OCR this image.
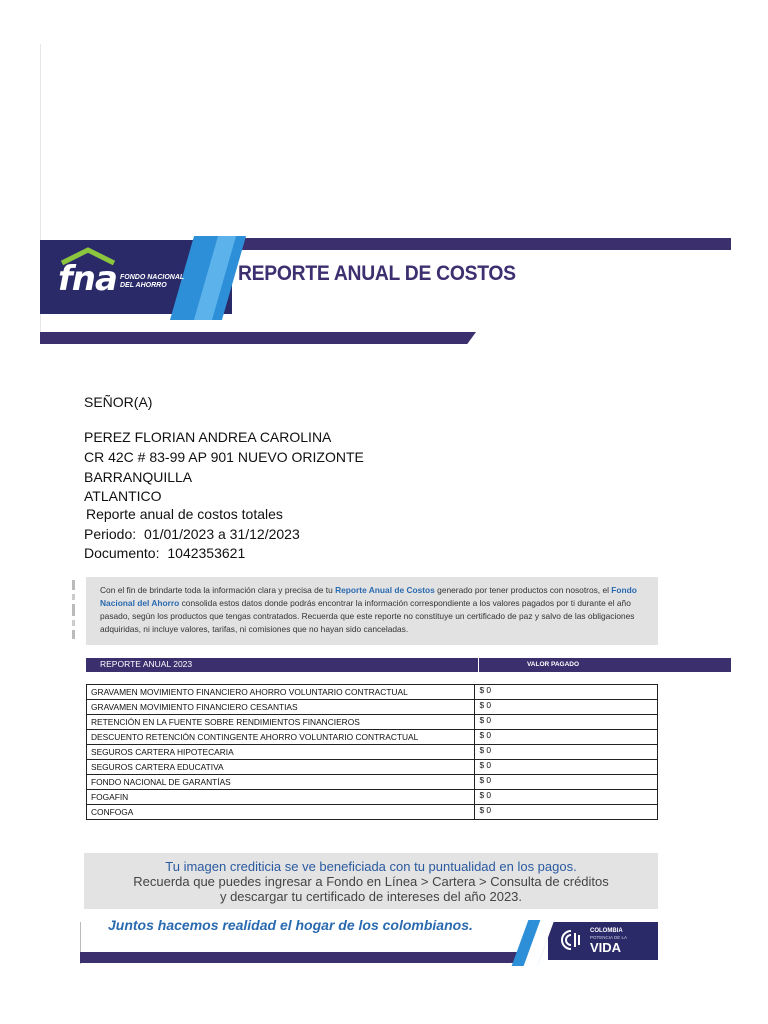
fna FONDO NACIONAL DEL AHORRO
REPORTE ANUAL DE COSTOS
SEÑOR(A)
PEREZ FLORIAN ANDREA CAROLINA
CR 42C # 83-99 AP 901 NUEVO ORIZONTE
BARRANQUILLA
ATLANTICO
Reporte anual de costos totales
Periodo: 01/01/2023 a 31/12/2023
Documento: 1042353621
Con el fin de brindarte toda la información clara y precisa de tu Reporte Anual de Costos generado por tener productos con nosotros, el Fondo Nacional del Ahorro consolida estos datos donde podrás encontrar la información correspondiente a los valores pagados por ti durante el año pasado, según los productos que tengas contratados. Recuerda que este reporte no constituye un certificado de paz y salvo de las obligaciones adquiridas, ni incluye valores, tarifas, ni comisiones que no hayan sido canceladas.
REPORTE ANUAL 2023	VALOR PAGADO
GRAVAMEN MOVIMIENTO FINANCIERO AHORRO VOLUNTARIO CONTRACTUAL	$ 0
GRAVAMEN MOVIMIENTO FINANCIERO CESANTIAS	$ 0
RETENCIÓN EN LA FUENTE SOBRE RENDIMIENTOS FINANCIEROS	$ 0
DESCUENTO RETENCIÓN CONTINGENTE AHORRO VOLUNTARIO CONTRACTUAL	$ 0
SEGUROS CARTERA HIPOTECARIA	$ 0
SEGUROS CARTERA EDUCATIVA	$ 0
FONDO NACIONAL DE GARANTÍAS	$ 0
FOGAFIN	$ 0
CONFOGA	$ 0
Tu imagen crediticia se ve beneficiada con tu puntualidad en los pagos.
Recuerda que puedes ingresar a Fondo en Línea > Cartera > Consulta de créditos
y descargar tu certificado de intereses del año 2023.
Juntos hacemos realidad el hogar de los colombianos.	COLOMBIA
POTENCIA DE LA
VIDA
